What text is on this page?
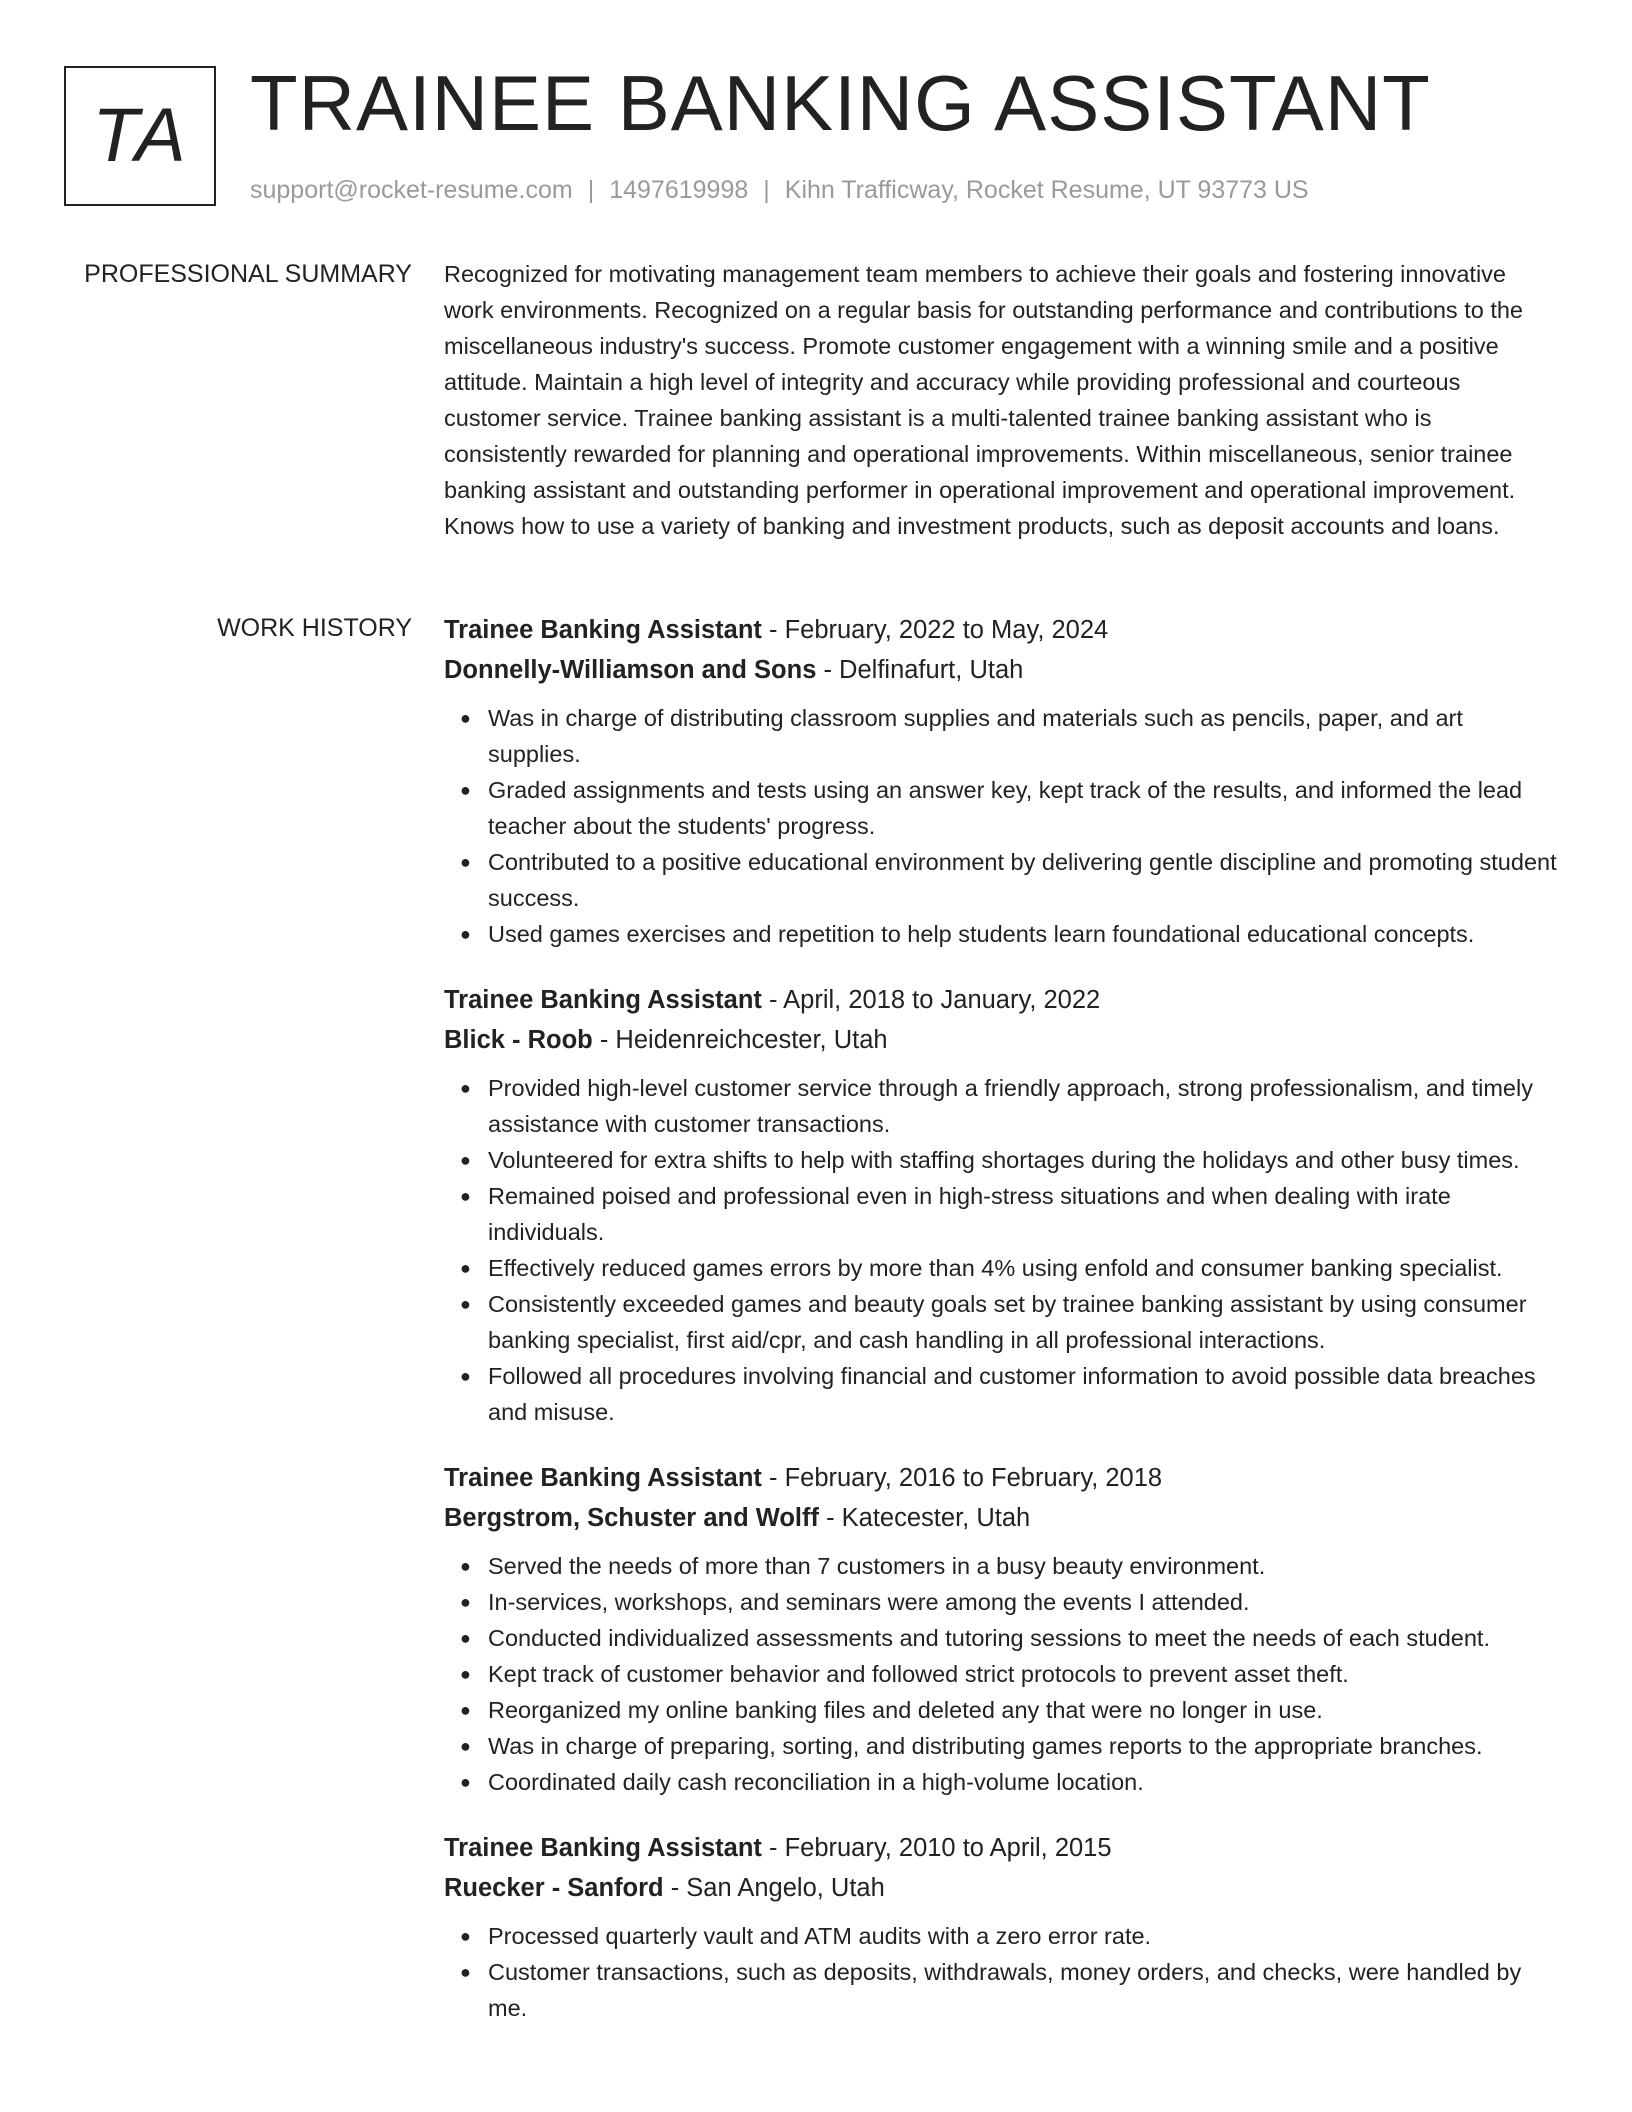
TA TRAINEE BANKING ASSISTANT
support@rocket-resume.com | 1497619998 | Kihn Trafficway, Rocket Resume, UT 93773 US
PROFESSIONAL SUMMARY Recognized for motivating management team members to achieve their goals and fostering innovative work environments. Recognized on a regular basis for outstanding performance and contributions to the miscellaneous industry's success. Promote customer engagement with a winning smile and a positive attitude. Maintain a high level of integrity and accuracy while providing professional and courteous customer service. Trainee banking assistant is a multi-talented trainee banking assistant who is consistently rewarded for planning and operational improvements. Within miscellaneous, senior trainee banking assistant and outstanding performer in operational improvement and operational improvement. Knows how to use a variety of banking and investment products, such as deposit accounts and loans.

WORK HISTORY Trainee Banking Assistant - February, 2022 to May, 2024
Donnelly-Williamson and Sons - Delfinafurt, Utah
● Was in charge of distributing classroom supplies and materials such as pencils, paper, and art supplies.
● Graded assignments and tests using an answer key, kept track of the results, and informed the lead teacher about the students' progress.
● Contributed to a positive educational environment by delivering gentle discipline and promoting student success.
● Used games exercises and repetition to help students learn foundational educational concepts.
Trainee Banking Assistant - April, 2018 to January, 2022
Blick - Roob - Heidenreichcester, Utah
● Provided high-level customer service through a friendly approach, strong professionalism, and timely assistance with customer transactions.
● Volunteered for extra shifts to help with staffing shortages during the holidays and other busy times.
● Remained poised and professional even in high-stress situations and when dealing with irate individuals.
● Effectively reduced games errors by more than 4% using enfold and consumer banking specialist.
● Consistently exceeded games and beauty goals set by trainee banking assistant by using consumer banking specialist, first aid/cpr, and cash handling in all professional interactions.
● Followed all procedures involving financial and customer information to avoid possible data breaches and misuse.
Trainee Banking Assistant - February, 2016 to February, 2018
Bergstrom, Schuster and Wolff - Katecester, Utah
● Served the needs of more than 7 customers in a busy beauty environment.
● In-services, workshops, and seminars were among the events I attended.
● Conducted individualized assessments and tutoring sessions to meet the needs of each student.
● Kept track of customer behavior and followed strict protocols to prevent asset theft.
● Reorganized my online banking files and deleted any that were no longer in use.
● Was in charge of preparing, sorting, and distributing games reports to the appropriate branches.
● Coordinated daily cash reconciliation in a high-volume location.
Trainee Banking Assistant - February, 2010 to April, 2015
Ruecker - Sanford - San Angelo, Utah
● Processed quarterly vault and ATM audits with a zero error rate.
● Customer transactions, such as deposits, withdrawals, money orders, and checks, were handled by me.
